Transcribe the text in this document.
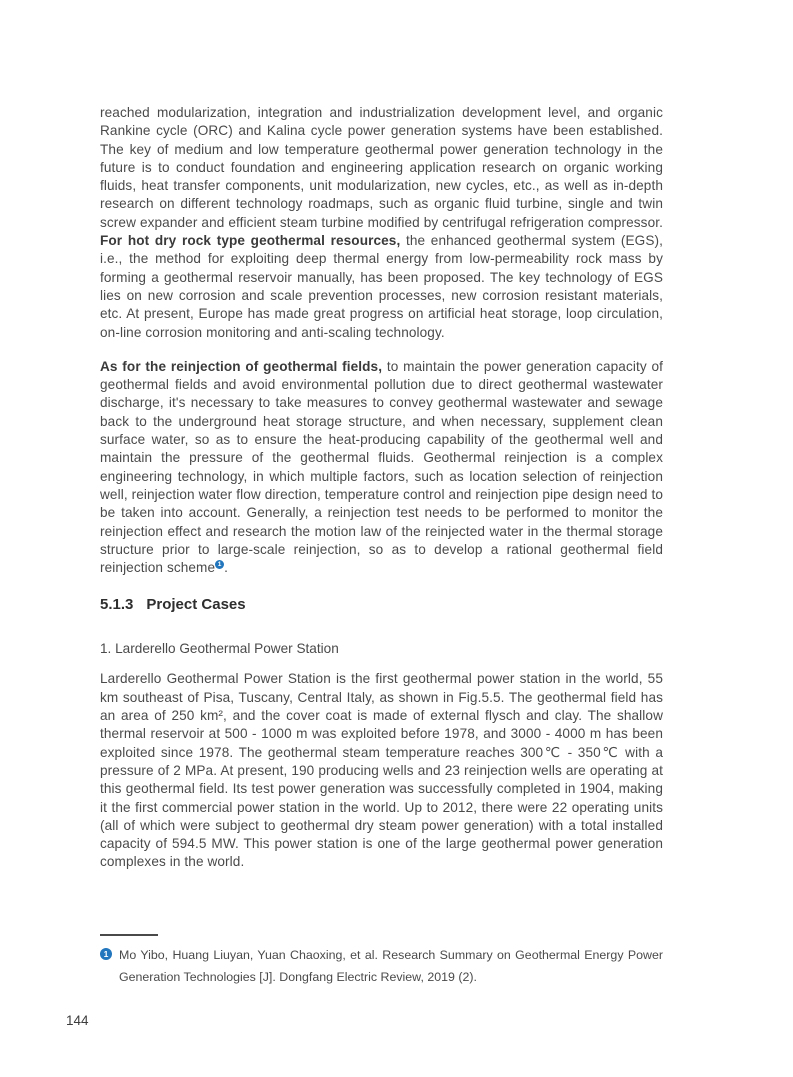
reached modularization, integration and industrialization development level, and organic Rankine cycle (ORC) and Kalina cycle power generation systems have been established. The key of medium and low temperature geothermal power generation technology in the future is to conduct foundation and engineering application research on organic working fluids, heat transfer components, unit modularization, new cycles, etc., as well as in-depth research on different technology roadmaps, such as organic fluid turbine, single and twin screw expander and efficient steam turbine modified by centrifugal refrigeration compressor. For hot dry rock type geothermal resources, the enhanced geothermal system (EGS), i.e., the method for exploiting deep thermal energy from low-permeability rock mass by forming a geothermal reservoir manually, has been proposed. The key technology of EGS lies on new corrosion and scale prevention processes, new corrosion resistant materials, etc. At present, Europe has made great progress on artificial heat storage, loop circulation, on-line corrosion monitoring and anti-scaling technology.

As for the reinjection of geothermal fields, to maintain the power generation capacity of geothermal fields and avoid environmental pollution due to direct geothermal wastewater discharge, it's necessary to take measures to convey geothermal wastewater and sewage back to the underground heat storage structure, and when necessary, supplement clean surface water, so as to ensure the heat-producing capability of the geothermal well and maintain the pressure of the geothermal fluids. Geothermal reinjection is a complex engineering technology, in which multiple factors, such as location selection of reinjection well, reinjection water flow direction, temperature control and reinjection pipe design need to be taken into account. Generally, a reinjection test needs to be performed to monitor the reinjection effect and research the motion law of the reinjected water in the thermal storage structure prior to large-scale reinjection, so as to develop a rational geothermal field reinjection scheme 1 .

5.1.3 Project Cases

1. Larderello Geothermal Power Station

Larderello Geothermal Power Station is the first geothermal power station in the world, 55 km southeast of Pisa, Tuscany, Central Italy, as shown in Fig.5.5. The geothermal field has an area of 250 km², and the cover coat is made of external flysch and clay. The shallow thermal reservoir at 500 - 1000 m was exploited before 1978, and 3000 - 4000 m has been exploited since 1978. The geothermal steam temperature reaches 300℃ - 350℃ with a pressure of 2 MPa. At present, 190 producing wells and 23 reinjection wells are operating at this geothermal field. Its test power generation was successfully completed in 1904, making it the first commercial power station in the world. Up to 2012, there were 22 operating units (all of which were subject to geothermal dry steam power generation) with a total installed capacity of 594.5 MW. This power station is one of the large geothermal power generation complexes in the world.

1 Mo Yibo, Huang Liuyan, Yuan Chaoxing, et al. Research Summary on Geothermal Energy Power Generation Technologies [J]. Dongfang Electric Review, 2019 (2).
144
